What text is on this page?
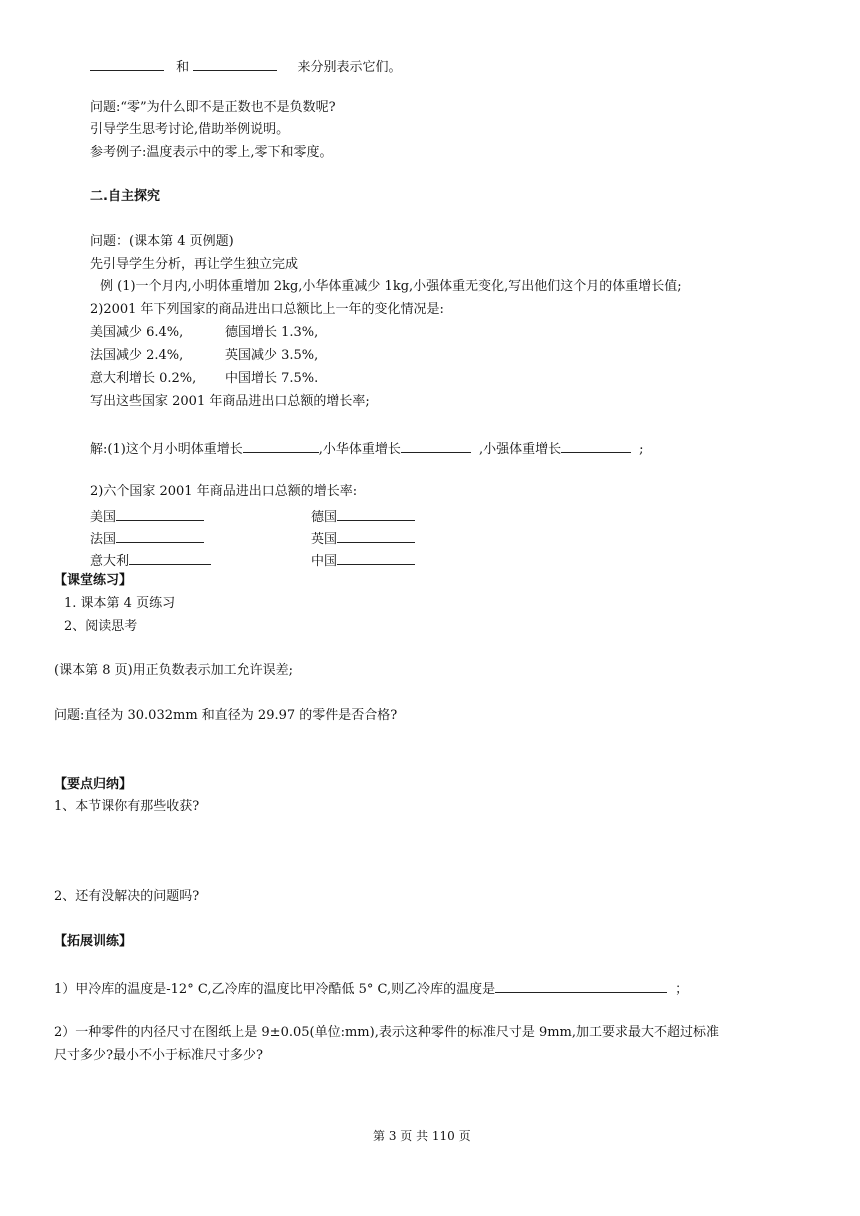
和	来分别表示它们。
问题:“零”为什么即不是正数也不是负数呢?
引导学生思考讨论,借助举例说明。
参考例子:温度表示中的零上,零下和零度。
二.自主探究
问题：(课本第 4 页例题)
先引导学生分析，再让学生独立完成
例 (1)一个月内,小明体重增加 2kg,小华体重减少 1kg,小强体重无变化,写出他们这个月的体重增长值;
2)2001 年下列国家的商品进出口总额比上一年的变化情况是:
美国减少 6.4%,	德国增长 1.3%,
法国减少 2.4%,	英国减少 3.5%,
意大利增长 0.2%, 中国增长 7.5%.
写出这些国家 2001 年商品进出口总额的增长率;
解:(1)这个月小明体重增长	,小华体重增长	,小强体重增长	;
2)六个国家 2001 年商品进出口总额的增长率:
美国	德国
法国	英国
意大利	中国
【课堂练习】
1. 课本第 4 页练习
2、阅读思考
(课本第 8 页)用正负数表示加工允许误差;
问题:直径为 30.032mm 和直径为 29.97 的零件是否合格?
【要点归纳】
1、本节课你有那些收获?
2、还有没解决的问题吗?
【拓展训练】
1）甲冷库的温度是-12° C,乙冷库的温度比甲冷酷低 5° C,则乙冷库的温度是	；
2）一种零件的内径尺寸在图纸上是 9±0.05(单位:mm),表示这种零件的标准尺寸是 9mm,加工要求最大不超过标准
尺寸多少?最小不小于标准尺寸多少?
第 3 页 共 110 页
